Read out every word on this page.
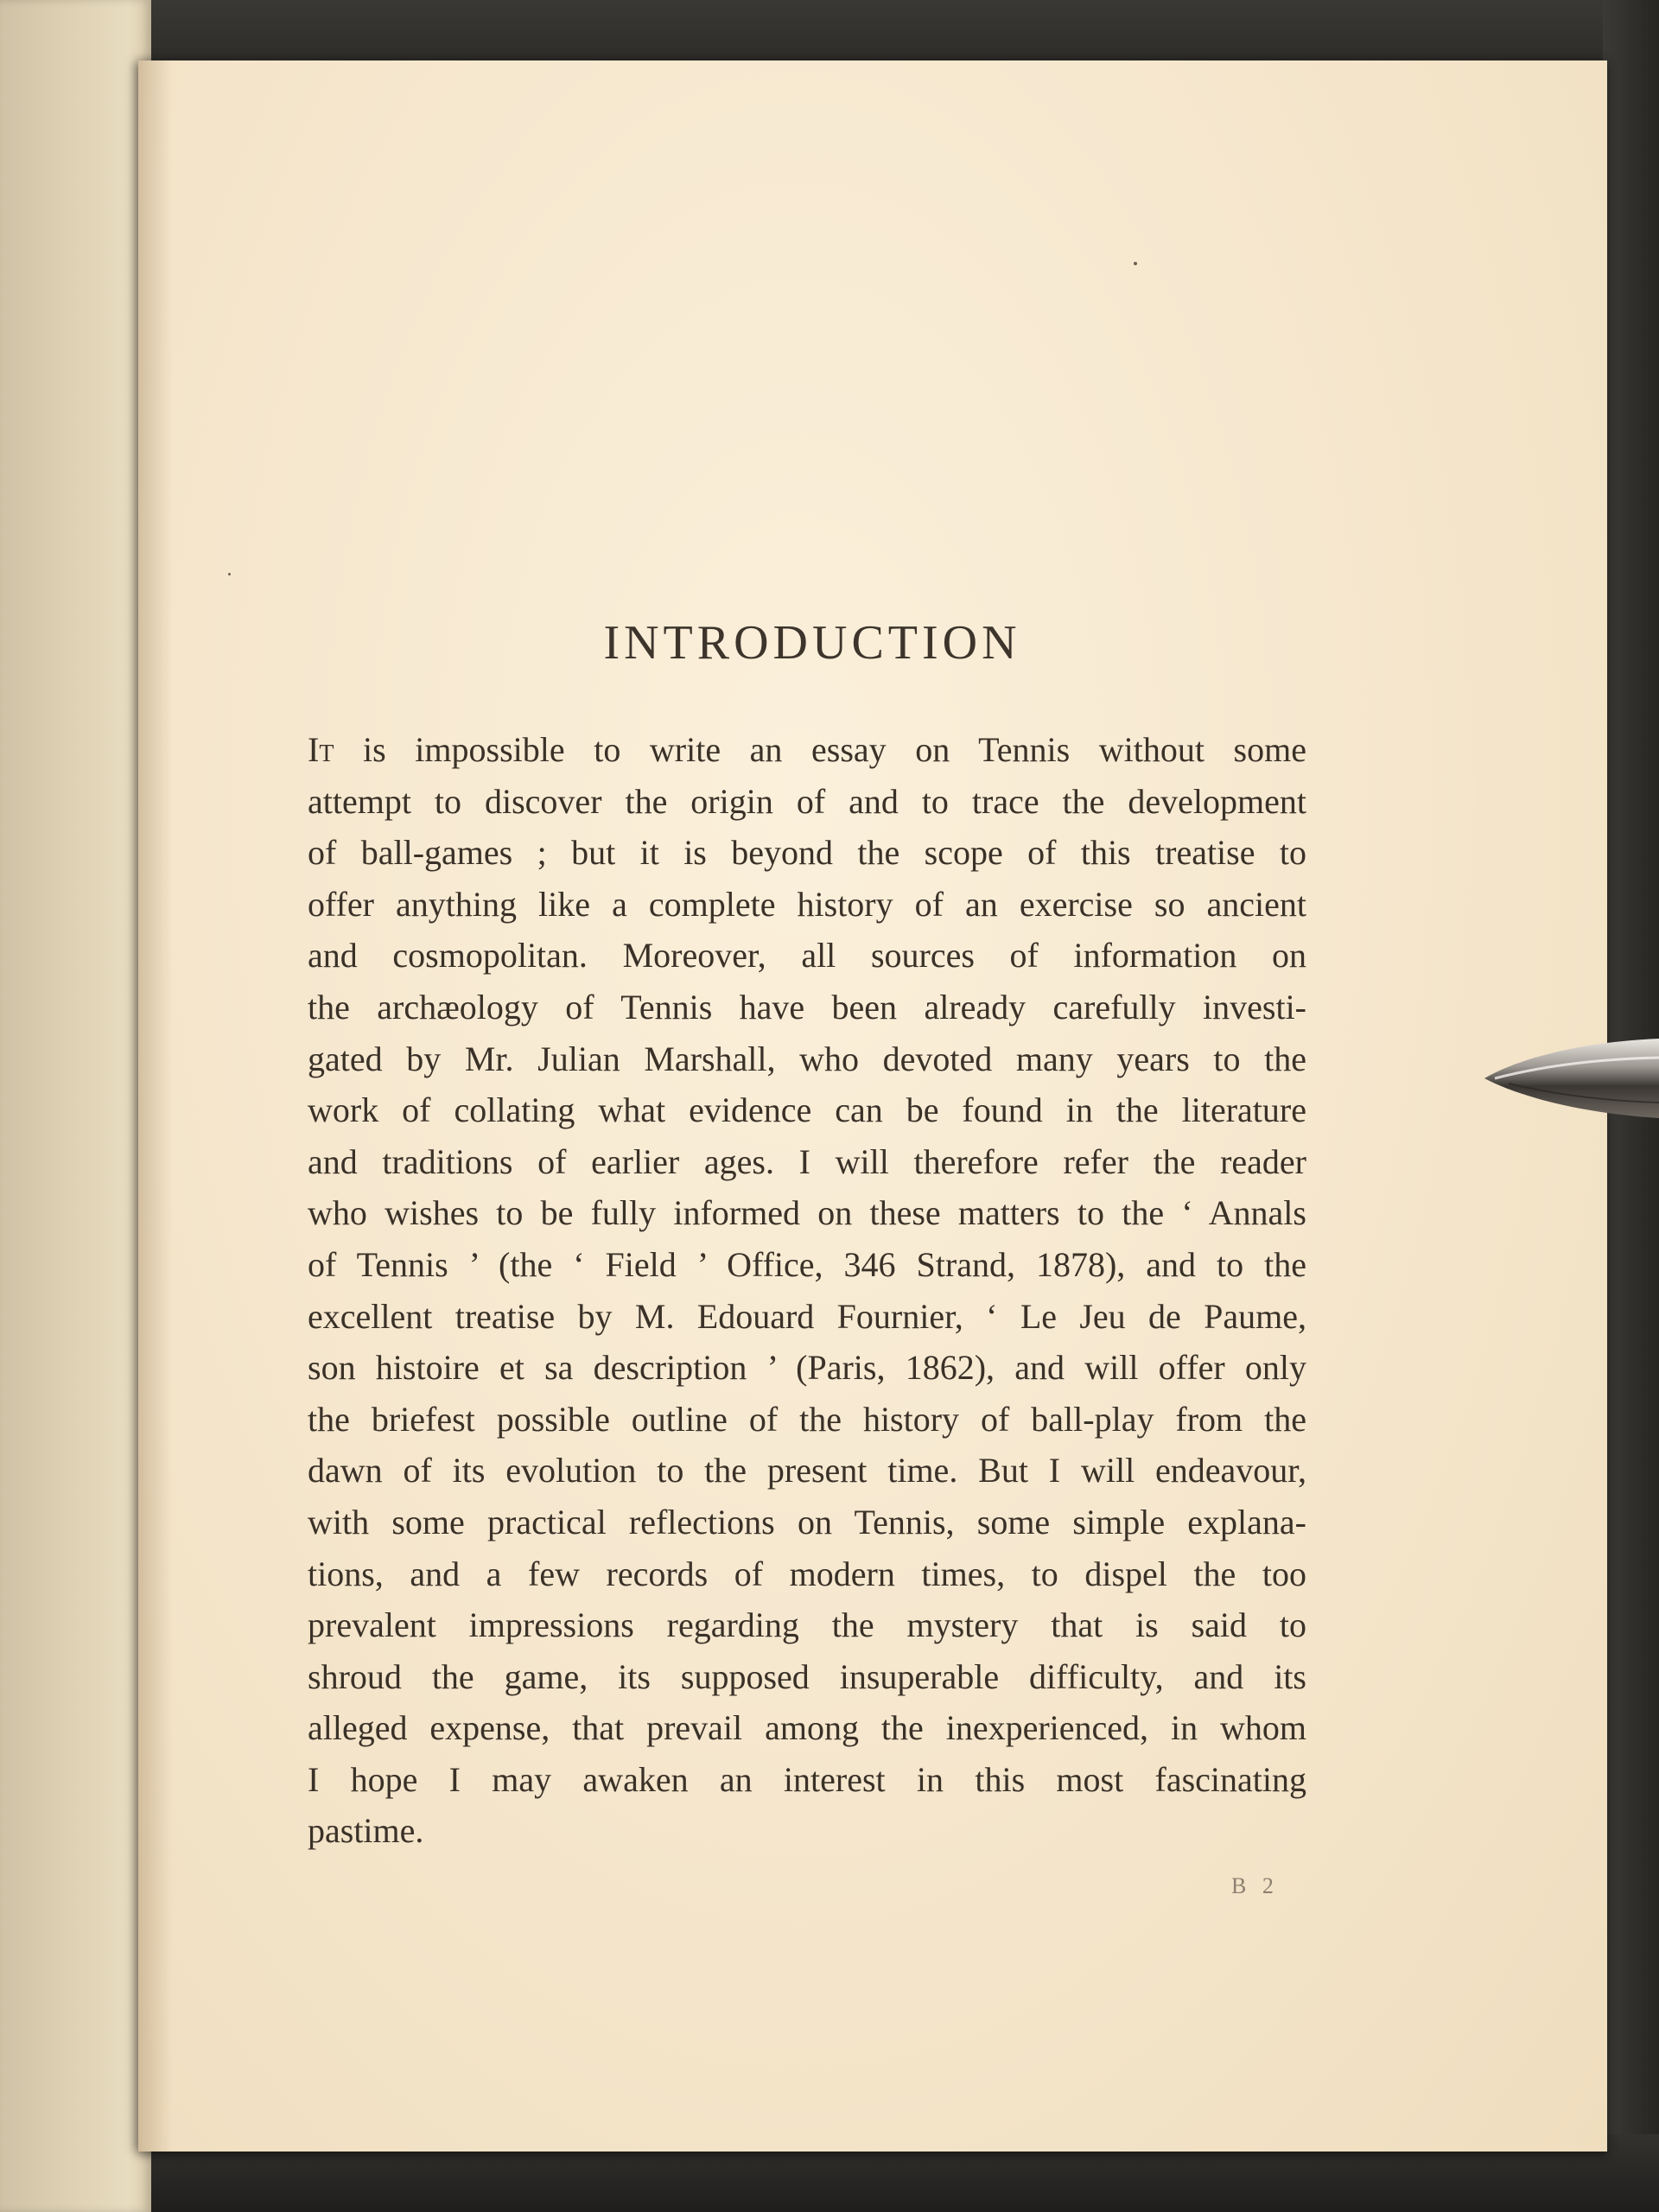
INTRODUCTION
It is impossible to write an essay on Tennis without some
attempt to discover the origin of and to trace the development
of ball-games ; but it is beyond the scope of this treatise to
offer anything like a complete history of an exercise so ancient
and cosmopolitan. Moreover, all sources of information on
the archæology of Tennis have been already carefully investi-
gated by Mr. Julian Marshall, who devoted many years to the
work of collating what evidence can be found in the literature
and traditions of earlier ages. I will therefore refer the reader
who wishes to be fully informed on these matters to the ‘ Annals
of Tennis ’ (the ‘ Field ’ Office, 346 Strand, 1878), and to the
excellent treatise by M. Edouard Fournier, ‘ Le Jeu de Paume,
son histoire et sa description ’ (Paris, 1862), and will offer only
the briefest possible outline of the history of ball-play from the
dawn of its evolution to the present time. But I will endeavour,
with some practical reflections on Tennis, some simple explana-
tions, and a few records of modern times, to dispel the too
prevalent impressions regarding the mystery that is said to
shroud the game, its supposed insuperable difficulty, and its
alleged expense, that prevail among the inexperienced, in whom
I hope I may awaken an interest in this most fascinating
pastime.
B 2
